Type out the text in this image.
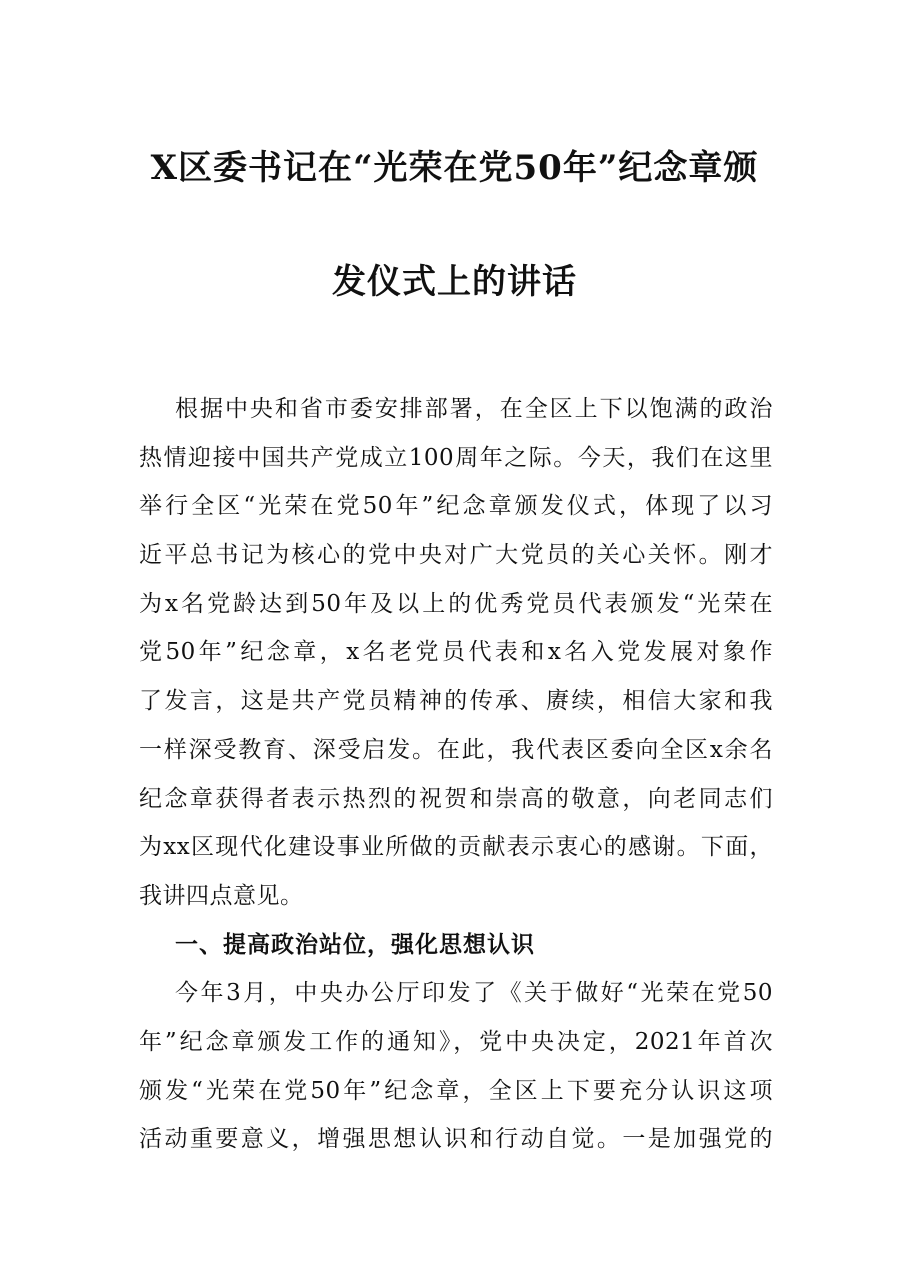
X区委书记在“光荣在党50年”纪念章颁
发仪式上的讲话

根据中央和省市委安排部署，在全区上下以饱满的政治

热情迎接中国共产党成立100周年之际。今天，我们在这里

举行全区“光荣在党50年”纪念章颁发仪式，体现了以习

近平总书记为核心的党中央对广大党员的关心关怀。刚才

为x名党龄达到50年及以上的优秀党员代表颁发“光荣在

党50年”纪念章，x名老党员代表和x名入党发展对象作

了发言，这是共产党员精神的传承、赓续，相信大家和我

一样深受教育、深受启发。在此，我代表区委向全区x余名

纪念章获得者表示热烈的祝贺和崇高的敬意，向老同志们

为xx区现代化建设事业所做的贡献表示衷心的感谢。下面，

我讲四点意见。

一、提高政治站位，强化思想认识

今年3月，中央办公厅印发了《关于做好“光荣在党50

年”纪念章颁发工作的通知》，党中央决定，2021年首次

颁发“光荣在党50年”纪念章，全区上下要充分认识这项

活动重要意义，增强思想认识和行动自觉。一是加强党的
